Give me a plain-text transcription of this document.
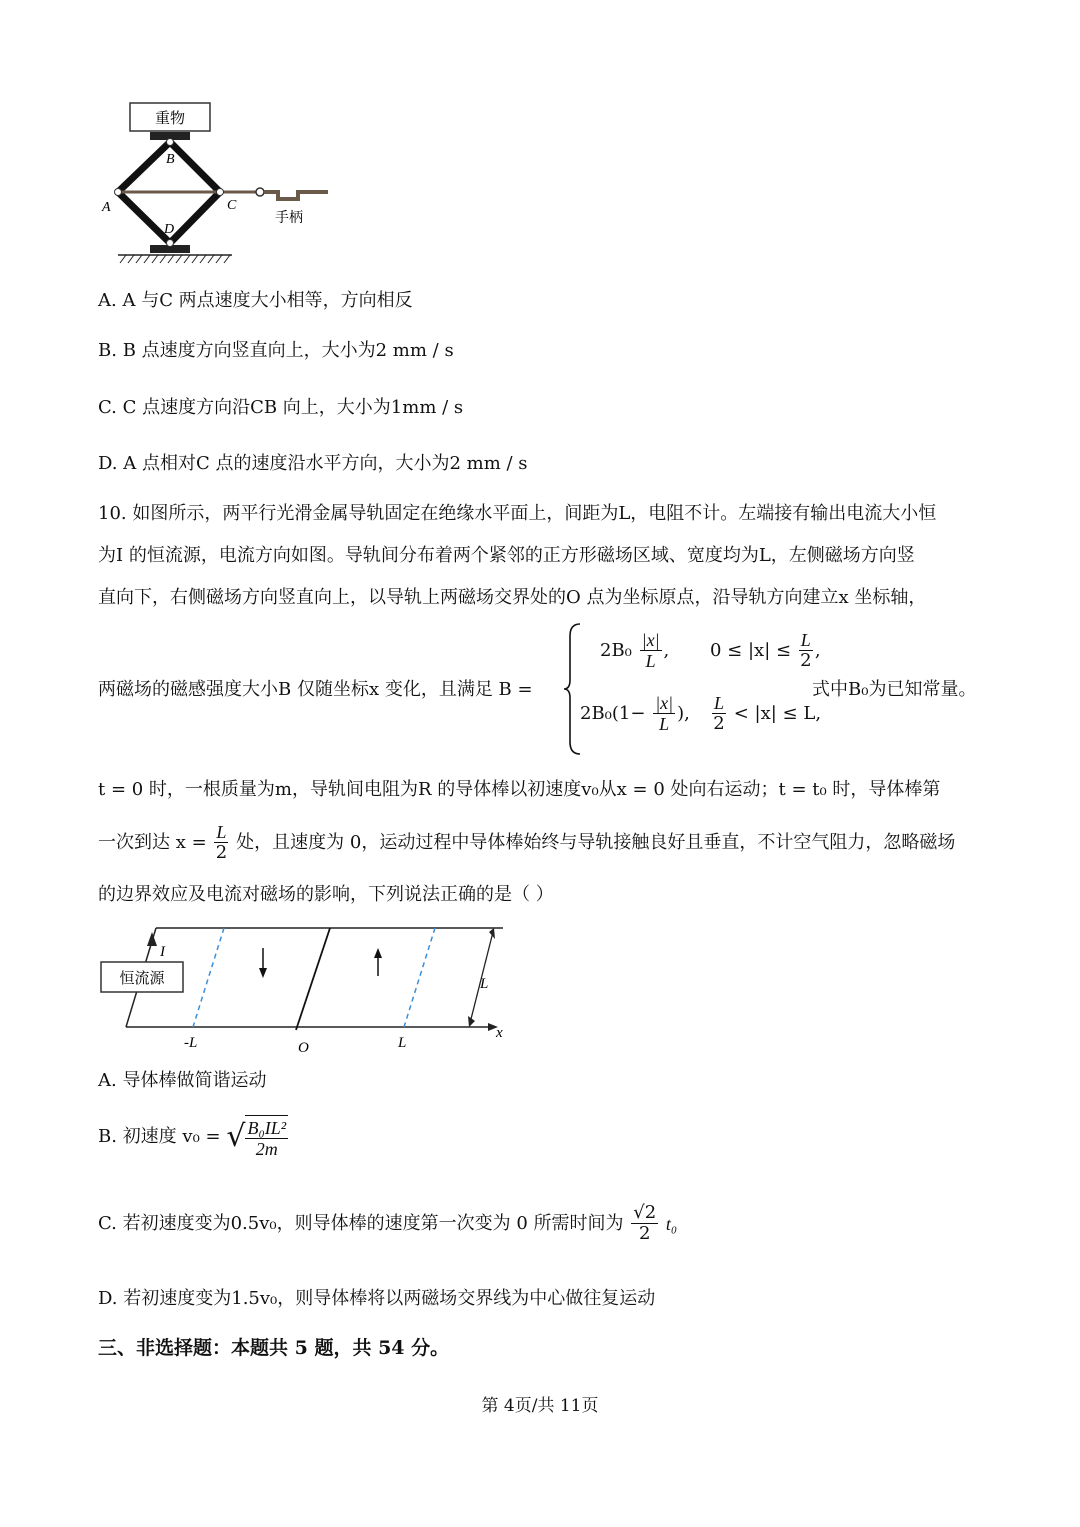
重物
B
A	C
D
手柄
A. A 与C 两点速度大小相等，方向相反
B. B 点速度方向竖直向上，大小为2 mm / s
C. C 点速度方向沿CB 向上，大小为1mm / s
D. A 点相对C 点的速度沿水平方向，大小为2 mm / s
10. 如图所示，两平行光滑金属导轨固定在绝缘水平面上，间距为L，电阻不计。左端接有输出电流大小恒
为I 的恒流源，电流方向如图。导轨间分布着两个紧邻的正方形磁场区域、宽度均为L，左侧磁场方向竖
直向下，右侧磁场方向竖直向上，以导轨上两磁场交界处的O 点为坐标原点，沿导轨方向建立x 坐标轴，
两磁场的磁感强度大小B 仅随坐标x 变化，且满足 B =
$2B_0 \frac{|x|}{L}$ , $0 \le |x| \le \frac{L}{2}$ ,
$2B_0(1- \frac{|x|}{L}$ ), $\frac{L}{2} < |x| \le L$,
式中B₀为已知常量。
t = 0 时，一根质量为m，导轨间电阻为R 的导体棒以初速度v₀从x = 0 处向右运动；t = t₀ 时，导体棒第
一次到达 $x = \frac{L}{2}$ 处，且速度为 0，运动过程中导体棒始终与导轨接触良好且垂直，不计空气阻力，忽略磁场
的边界效应及电流对磁场的影响，下列说法正确的是（ ）
恒流源
I
L
x
-L	O	L
A. 导体棒做简谐运动
B. 初速度 v₀ = √ $\frac{\text{B₀IL²}}{2m}$
C. 若初速度变为0.5v₀，则导体棒的速度第一次变为 0 所需时间为 $\frac{√2}{2} t_0$
D. 若初速度变为1.5v₀，则导体棒将以两磁场交界线为中心做往复运动
三、非选择题：本题共 5 题，共 54 分。
第 4页/共 11页
